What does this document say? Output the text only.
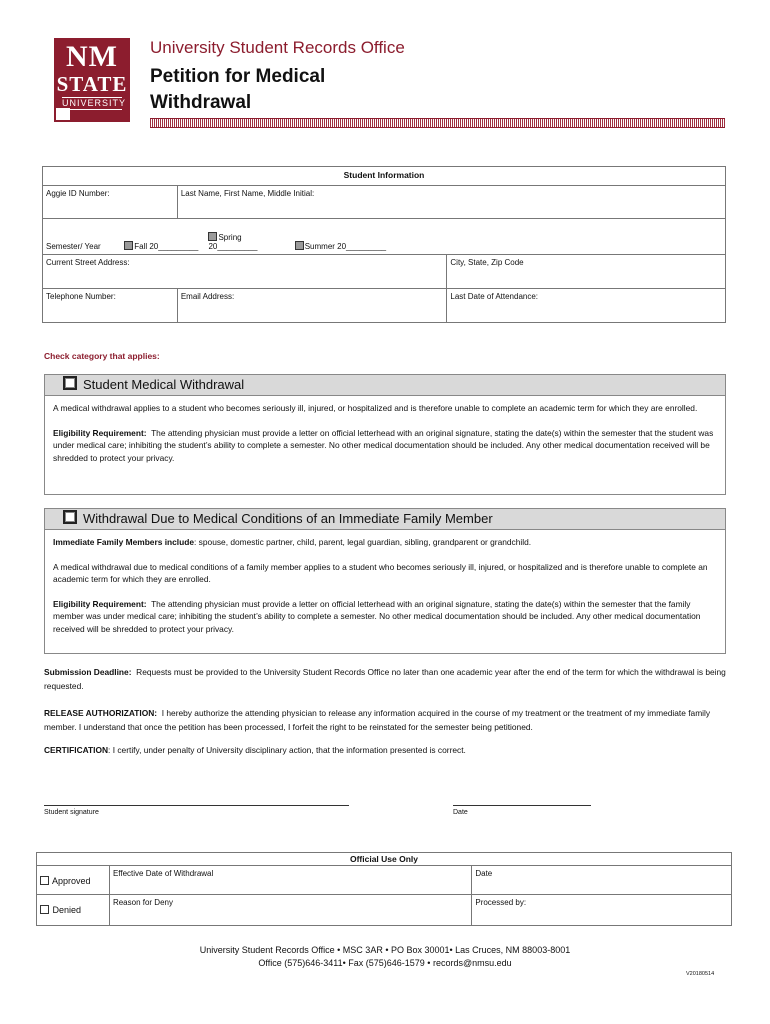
NM
STATE
UNIVERSITY
University Student Records Office
Petition for Medical
Withdrawal
Student Information		
Aggie ID Number:	Last Name, First Name, Middle Initial:	
Semester/ Year Fall 20_________ Spring 20_________ Summer 20_________		
Current Street Address:		City, State, Zip Code
Telephone Number:	Email Address:	Last Date of Attendance:
Check category that applies:
Student Medical Withdrawal

A medical withdrawal applies to a student who becomes seriously ill, injured, or hospitalized and is therefore unable to complete an academic term for which they are enrolled.

Eligibility Requirement: The attending physician must provide a letter on official letterhead with an original signature, stating the date(s) within the semester that the student was under medical care; inhibiting the student’s ability to complete a semester. No other medical documentation should be included. Any other medical documentation received will be shredded to protect your privacy.

Withdrawal Due to Medical Conditions of an Immediate Family Member

Immediate Family Members include: spouse, domestic partner, child, parent, legal guardian, sibling, grandparent or grandchild.

A medical withdrawal due to medical conditions of a family member applies to a student who becomes seriously ill, injured, or hospitalized and is therefore unable to complete an academic term for which they are enrolled.

Eligibility Requirement: The attending physician must provide a letter on official letterhead with an original signature, stating the date(s) within the semester that the family member was under medical care; inhibiting the student’s ability to complete a semester. No other medical documentation should be included. Any other medical documentation received will be shredded to protect your privacy.

Submission Deadline: Requests must be provided to the University Student Records Office no later than one academic year after the end of the term for which the withdrawal is being requested.
RELEASE AUTHORIZATION: I hereby authorize the attending physician to release any information acquired in the course of my treatment or the treatment of my immediate family member. I understand that once the petition has been processed, I forfeit the right to be reinstated for the semester being petitioned.
CERTIFICATION: I certify, under penalty of University disciplinary action, that the information presented is correct.
Student signature	Date
Official Use Only		
Approved	Effective Date of Withdrawal	Date
Denied	Reason for Deny	Processed by:
University Student Records Office • MSC 3AR • PO Box 30001• Las Cruces, NM 88003-8001
Office (575)646-3411• Fax (575)646-1579 • records@nmsu.edu
V20180514
